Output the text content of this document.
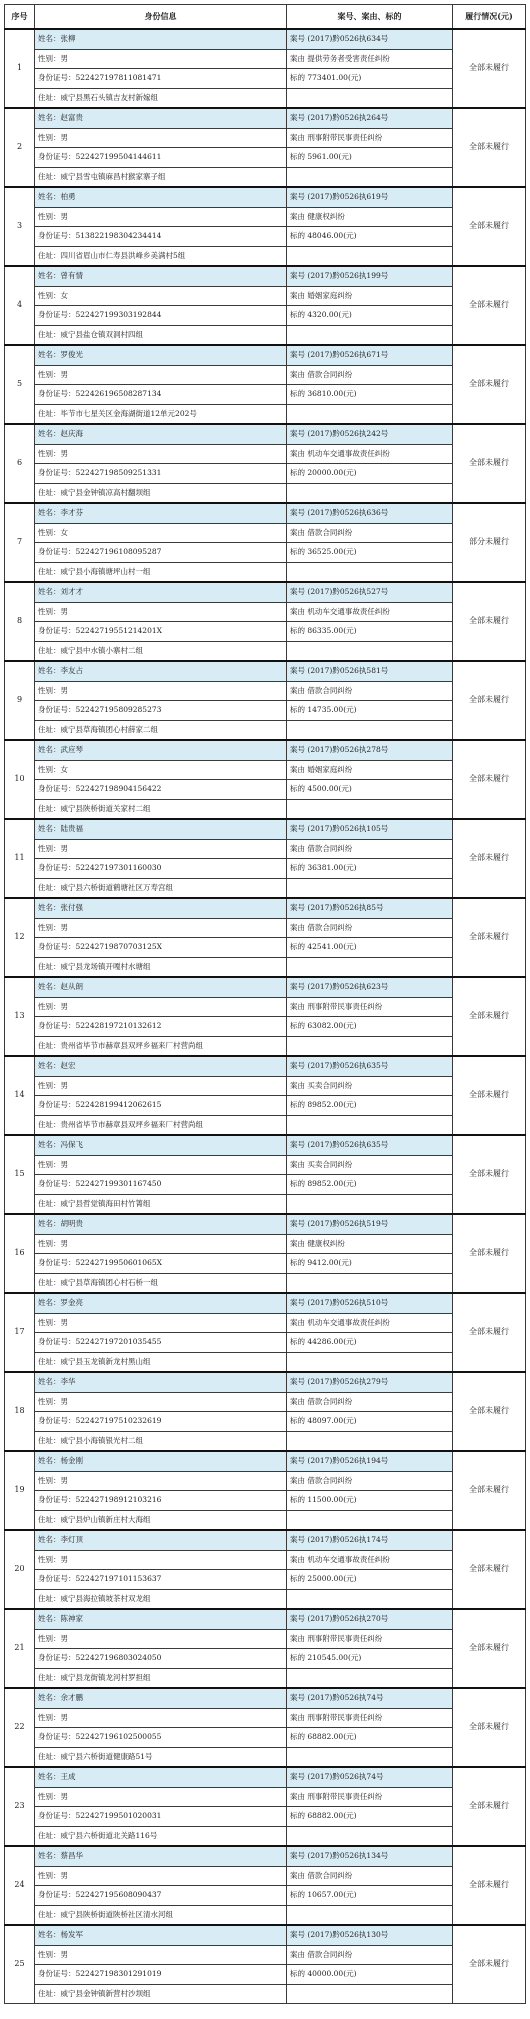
序号	身份信息	案号、案由、标的	履行情况(元)
1	姓名：张柳	案号 (2017)黔0526执634号	全部未履行
	性别：男	案由 提供劳务者受害责任纠纷	
	身份证号：522427197811081471	标的 773401.00(元)	
	住址：威宁县黑石头镇吉友村新嫁组		
2	姓名：赵富贵	案号 (2017)黔0526执264号	全部未履行
	性别：男	案由 刑事附带民事责任纠纷	
	身份证号：522427199504144611	标的 5961.00(元)	
	住址：威宁县雪屯镇麻昌村猴家寨子组		
3	姓名：柏勇	案号 (2017)黔0526执619号	全部未履行
	性别：男	案由 健康权纠纷	
	身份证号：513822198304234414	标的 48046.00(元)	
	住址：四川省眉山市仁寿县洪峰乡美满村5组		
4	姓名：曾有情	案号 (2017)黔0526执199号	全部未履行
	性别：女	案由 婚姻家庭纠纷	
	身份证号：522427199303192844	标的 4320.00(元)	
	住址：威宁县盐仓镇双洞村四组		
5	姓名：罗俊光	案号 (2017)黔0526执671号	全部未履行
	性别：男	案由 借款合同纠纷	
	身份证号：522426196508287134	标的 36810.00(元)	
	住址：毕节市七星关区金海湖街道12单元202号		
6	姓名：赵庆海	案号 (2017)黔0526执242号	全部未履行
	性别：男	案由 机动车交通事故责任纠纷	
	身份证号：522427198509251331	标的 20000.00(元)	
	住址：威宁县金钟镇凉高村翻坝组		
7	姓名：李才芬	案号 (2017)黔0526执636号	部分未履行
	性别：女	案由 借款合同纠纷	
	身份证号：522427196108095287	标的 36525.00(元)	
	住址：威宁县小海镇塘坪山村一组		
8	姓名：刘才才	案号 (2017)黔0526执527号	全部未履行
	性别：男	案由 机动车交通事故责任纠纷	
	身份证号：52242719551214201X	标的 86335.00(元)	
	住址：威宁县中水镇小寨村二组		
9	姓名：李友占	案号 (2017)黔0526执581号	全部未履行
	性别：男	案由 借款合同纠纷	
	身份证号：522427195809285273	标的 14735.00(元)	
	住址：威宁县草海镇团心村薛家二组		
10	姓名：武应琴	案号 (2017)黔0526执278号	全部未履行
	性别：女	案由 婚姻家庭纠纷	
	身份证号：522427198904156422	标的 4500.00(元)	
	住址：威宁县陕桥街道关家村二组		
11	姓名：陆贵福	案号 (2017)黔0526执105号	全部未履行
	性别：男	案由 借款合同纠纷	
	身份证号：522427197301160030	标的 36381.00(元)	
	住址：威宁县六桥街道鹤塘社区万寿宫组		
12	姓名：张付强	案号 (2017)黔0526执85号	全部未履行
	性别：男	案由 借款合同纠纷	
	身份证号：52242719870703125X	标的 42541.00(元)	
	住址：威宁县龙场镇开嘎村水塘组		
13	姓名：赵从朗	案号 (2017)黔0526执623号	全部未履行
	性别：男	案由 刑事附带民事责任纠纷	
	身份证号：522428197210132612	标的 63082.00(元)	
	住址：贵州省毕节市赫章县双坪乡福来厂村营尚组		
14	姓名：赵宏	案号 (2017)黔0526执635号	全部未履行
	性别：男	案由 买卖合同纠纷	
	身份证号：522428199412062615	标的 89852.00(元)	
	住址：贵州省毕节市赫章县双坪乡福来厂村营尚组		
15	姓名：冯保飞	案号 (2017)黔0526执635号	全部未履行
	性别：男	案由 买卖合同纠纷	
	身份证号：522427199301167450	标的 89852.00(元)	
	住址：威宁县哲觉镇海田村竹箐组		
16	姓名：胡明贵	案号 (2017)黔0526执519号	全部未履行
	性别：男	案由 健康权纠纷	
	身份证号：52242719950601065X	标的 9412.00(元)	
	住址：威宁县草海镇团心村石桥一组		
17	姓名：罗金亮	案号 (2017)黔0526执510号	全部未履行
	性别：男	案由 机动车交通事故责任纠纷	
	身份证号：522427197201035455	标的 44286.00(元)	
	住址：威宁县玉龙镇新龙村黑山组		
18	姓名：李华	案号 (2017)黔0526执279号	全部未履行
	性别：男	案由 借款合同纠纷	
	身份证号：522427197510232619	标的 48097.00(元)	
	住址：威宁县小海镇银光村二组		
19	姓名：杨金刚	案号 (2017)黔0526执194号	全部未履行
	性别：男	案由 借款合同纠纷	
	身份证号：522427198912103216	标的 11500.00(元)	
	住址：威宁县炉山镇新庄村大海组		
20	姓名：李灯顶	案号 (2017)黔0526执174号	全部未履行
	性别：男	案由 机动车交通事故责任纠纷	
	身份证号：522427197101153637	标的 25000.00(元)	
	住址：威宁县海拉镇坡茶村双龙组		
21	姓名：陈神家	案号 (2017)黔0526执270号	全部未履行
	性别：男	案由 刑事附带民事责任纠纷	
	身份证号：522427196803024050	标的 210545.00(元)	
	住址：威宁县龙街镇龙河村罗担组		
22	姓名：余才鹏	案号 (2017)黔0526执74号	全部未履行
	性别：男	案由 刑事附带民事责任纠纷	
	身份证号：522427196102500055	标的 68882.00(元)	
	住址：威宁县六桥街道健康路51号		
23	姓名：王成	案号 (2017)黔0526执74号	全部未履行
	性别：男	案由 刑事附带民事责任纠纷	
	身份证号：522427199501020031	标的 68882.00(元)	
	住址：威宁县六桥街道北关路116号		
24	姓名：蔡昌华	案号 (2017)黔0526执134号	全部未履行
	性别：男	案由 借款合同纠纷	
	身份证号：522427195608090437	标的 10657.00(元)	
	住址：威宁县陕桥街道陕桥社区清水河组		
25	姓名：杨发军	案号 (2017)黔0526执130号	全部未履行
	性别：男	案由 借款合同纠纷	
	身份证号：522427198301291019	标的 40000.00(元)	
	住址：威宁县金钟镇新营村沙坝组		
